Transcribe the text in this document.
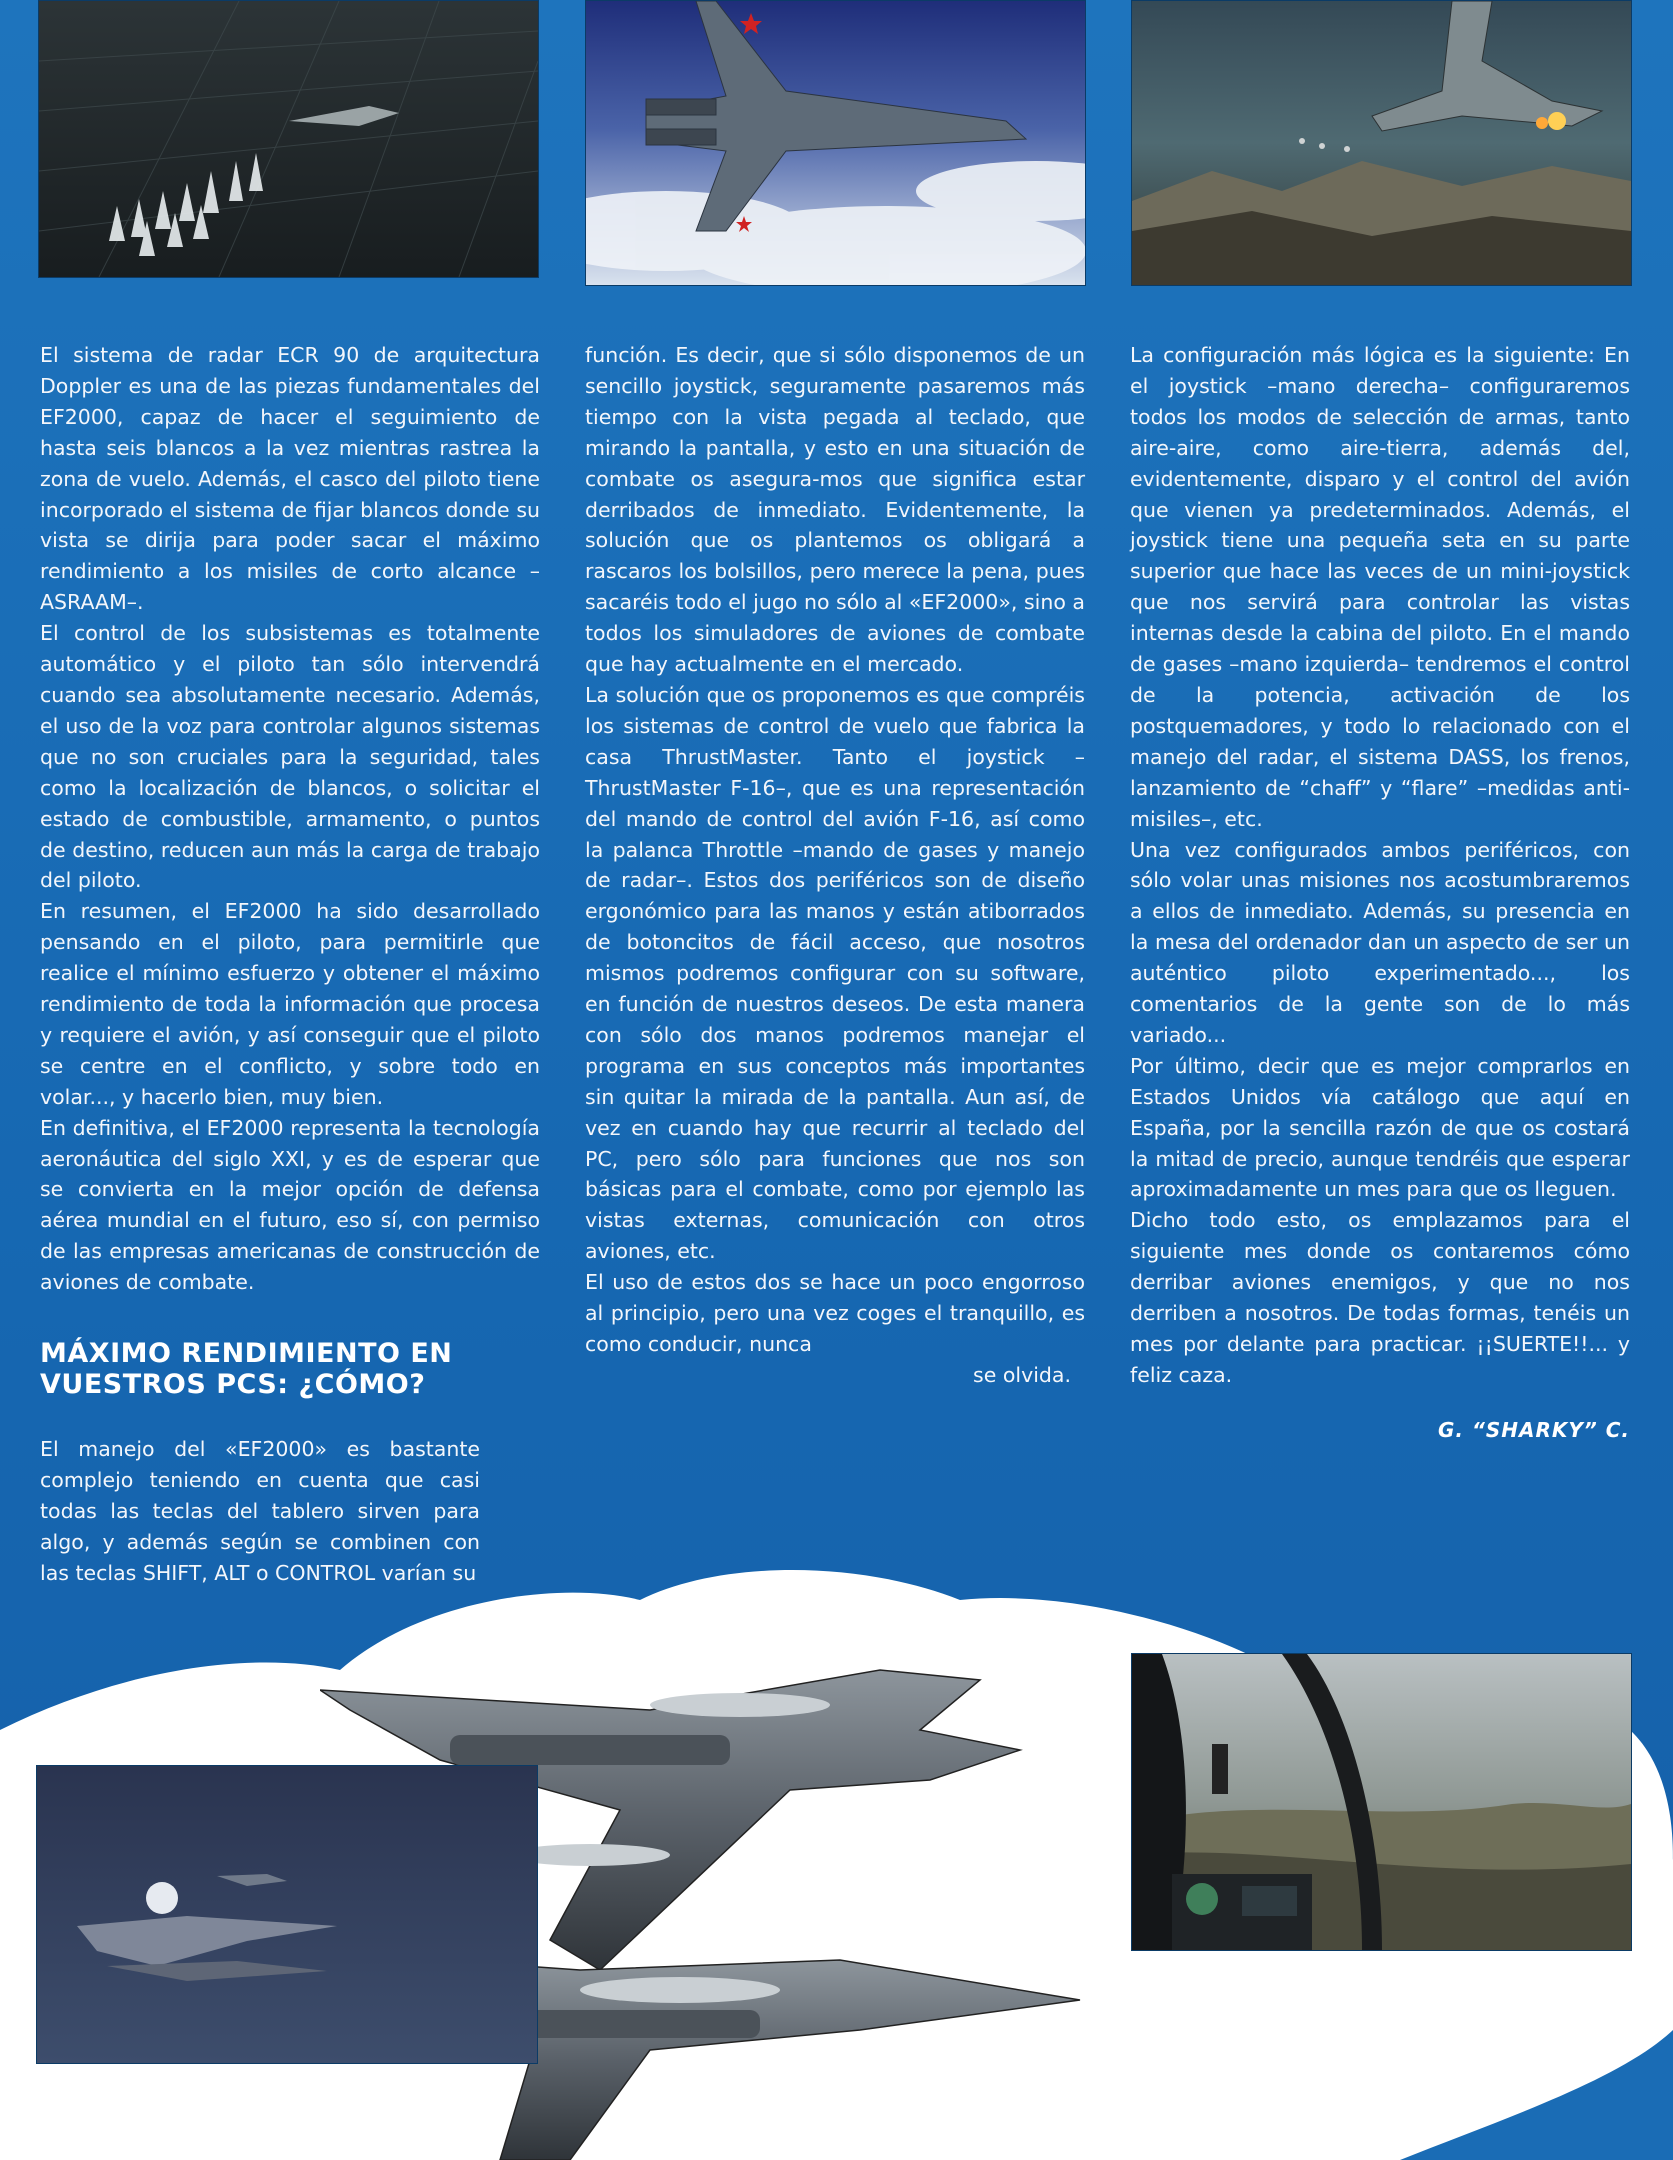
El sistema de radar ECR 90 de arquitectura Doppler es una de las piezas fundamentales del EF2000, capaz de hacer el seguimiento de hasta seis blancos a la vez mientras rastrea la zona de vuelo. Además, el casco del piloto tiene incorporado el sistema de fijar blancos donde su vista se dirija para poder sacar el máximo rendimiento a los misiles de corto alcance –ASRAAM–.

El control de los subsistemas es totalmente automático y el piloto tan sólo intervendrá cuando sea absolutamente necesario. Además, el uso de la voz para controlar algunos sistemas que no son cruciales para la seguridad, tales como la localización de blancos, o solicitar el estado de combustible, armamento, o puntos de destino, reducen aun más la carga de trabajo del piloto.

En resumen, el EF2000 ha sido desarrollado pensando en el piloto, para permitirle que realice el mínimo esfuerzo y obtener el máximo rendimiento de toda la información que procesa y requiere el avión, y así conseguir que el piloto se centre en el conflicto, y sobre todo en volar..., y hacerlo bien, muy bien.

En definitiva, el EF2000 representa la tecnología aeronáutica del siglo XXI, y es de esperar que se convierta en la mejor opción de defensa aérea mundial en el futuro, eso sí, con permiso de las empresas americanas de construcción de aviones de combate.

MÁXIMO RENDIMIENTO EN VUESTROS PCS: ¿CÓMO?

El manejo del «EF2000» es bastante complejo teniendo en cuenta que casi todas las teclas del tablero sirven para algo, y además según se combinen con las teclas SHIFT, ALT o CONTROL varían su

función. Es decir, que si sólo disponemos de un sencillo joystick, seguramente pasaremos más tiempo con la vista pegada al teclado, que mirando la pantalla, y esto en una situación de combate os asegura-mos que significa estar derribados de inmediato. Evidentemente, la solución que os plantemos os obligará a rascaros los bolsillos, pero merece la pena, pues sacaréis todo el jugo no sólo al «EF2000», sino a todos los simuladores de aviones de combate que hay actualmente en el mercado.

La solución que os proponemos es que compréis los sistemas de control de vuelo que fabrica la casa ThrustMaster. Tanto el joystick –ThrustMaster F-16–, que es una representación del mando de control del avión F-16, así como la palanca Throttle –mando de gases y manejo de radar–. Estos dos periféricos son de diseño ergonómico para las manos y están atiborrados de botoncitos de fácil acceso, que nosotros mismos podremos configurar con su software, en función de nuestros deseos. De esta manera con sólo dos manos podremos manejar el programa en sus conceptos más importantes sin quitar la mirada de la pantalla. Aun así, de vez en cuando hay que recurrir al teclado del PC, pero sólo para funciones que nos son básicas para el combate, como por ejemplo las vistas externas, comunicación con otros aviones, etc.

El uso de estos dos se hace un poco engorroso al principio, pero una vez coges el tranquillo, es como conducir, nunca

se olvida.

La configuración más lógica es la siguiente: En el joystick –mano derecha– configuraremos todos los modos de selección de armas, tanto aire-aire, como aire-tierra, además del, evidentemente, disparo y el control del avión que vienen ya predeterminados. Además, el joystick tiene una pequeña seta en su parte superior que hace las veces de un mini-joystick que nos servirá para controlar las vistas internas desde la cabina del piloto. En el mando de gases –mano izquierda– tendremos el control de la potencia, activación de los postquemadores, y todo lo relacionado con el manejo del radar, el sistema DASS, los frenos, lanzamiento de “chaff” y “flare” –medidas anti-misiles–, etc.

Una vez configurados ambos periféricos, con sólo volar unas misiones nos acostumbraremos a ellos de inmediato. Además, su presencia en la mesa del ordenador dan un aspecto de ser un auténtico piloto experimentado..., los comentarios de la gente son de lo más variado...

Por último, decir que es mejor comprarlos en Estados Unidos vía catálogo que aquí en España, por la sencilla razón de que os costará la mitad de precio, aunque tendréis que esperar aproximadamente un mes para que os lleguen.

Dicho todo esto, os emplazamos para el siguiente mes donde os contaremos cómo derribar aviones enemigos, y que no nos derriben a nosotros. De todas formas, tenéis un mes por delante para practicar. ¡¡SUERTE!!... y feliz caza.

G. “SHARKY” C.
